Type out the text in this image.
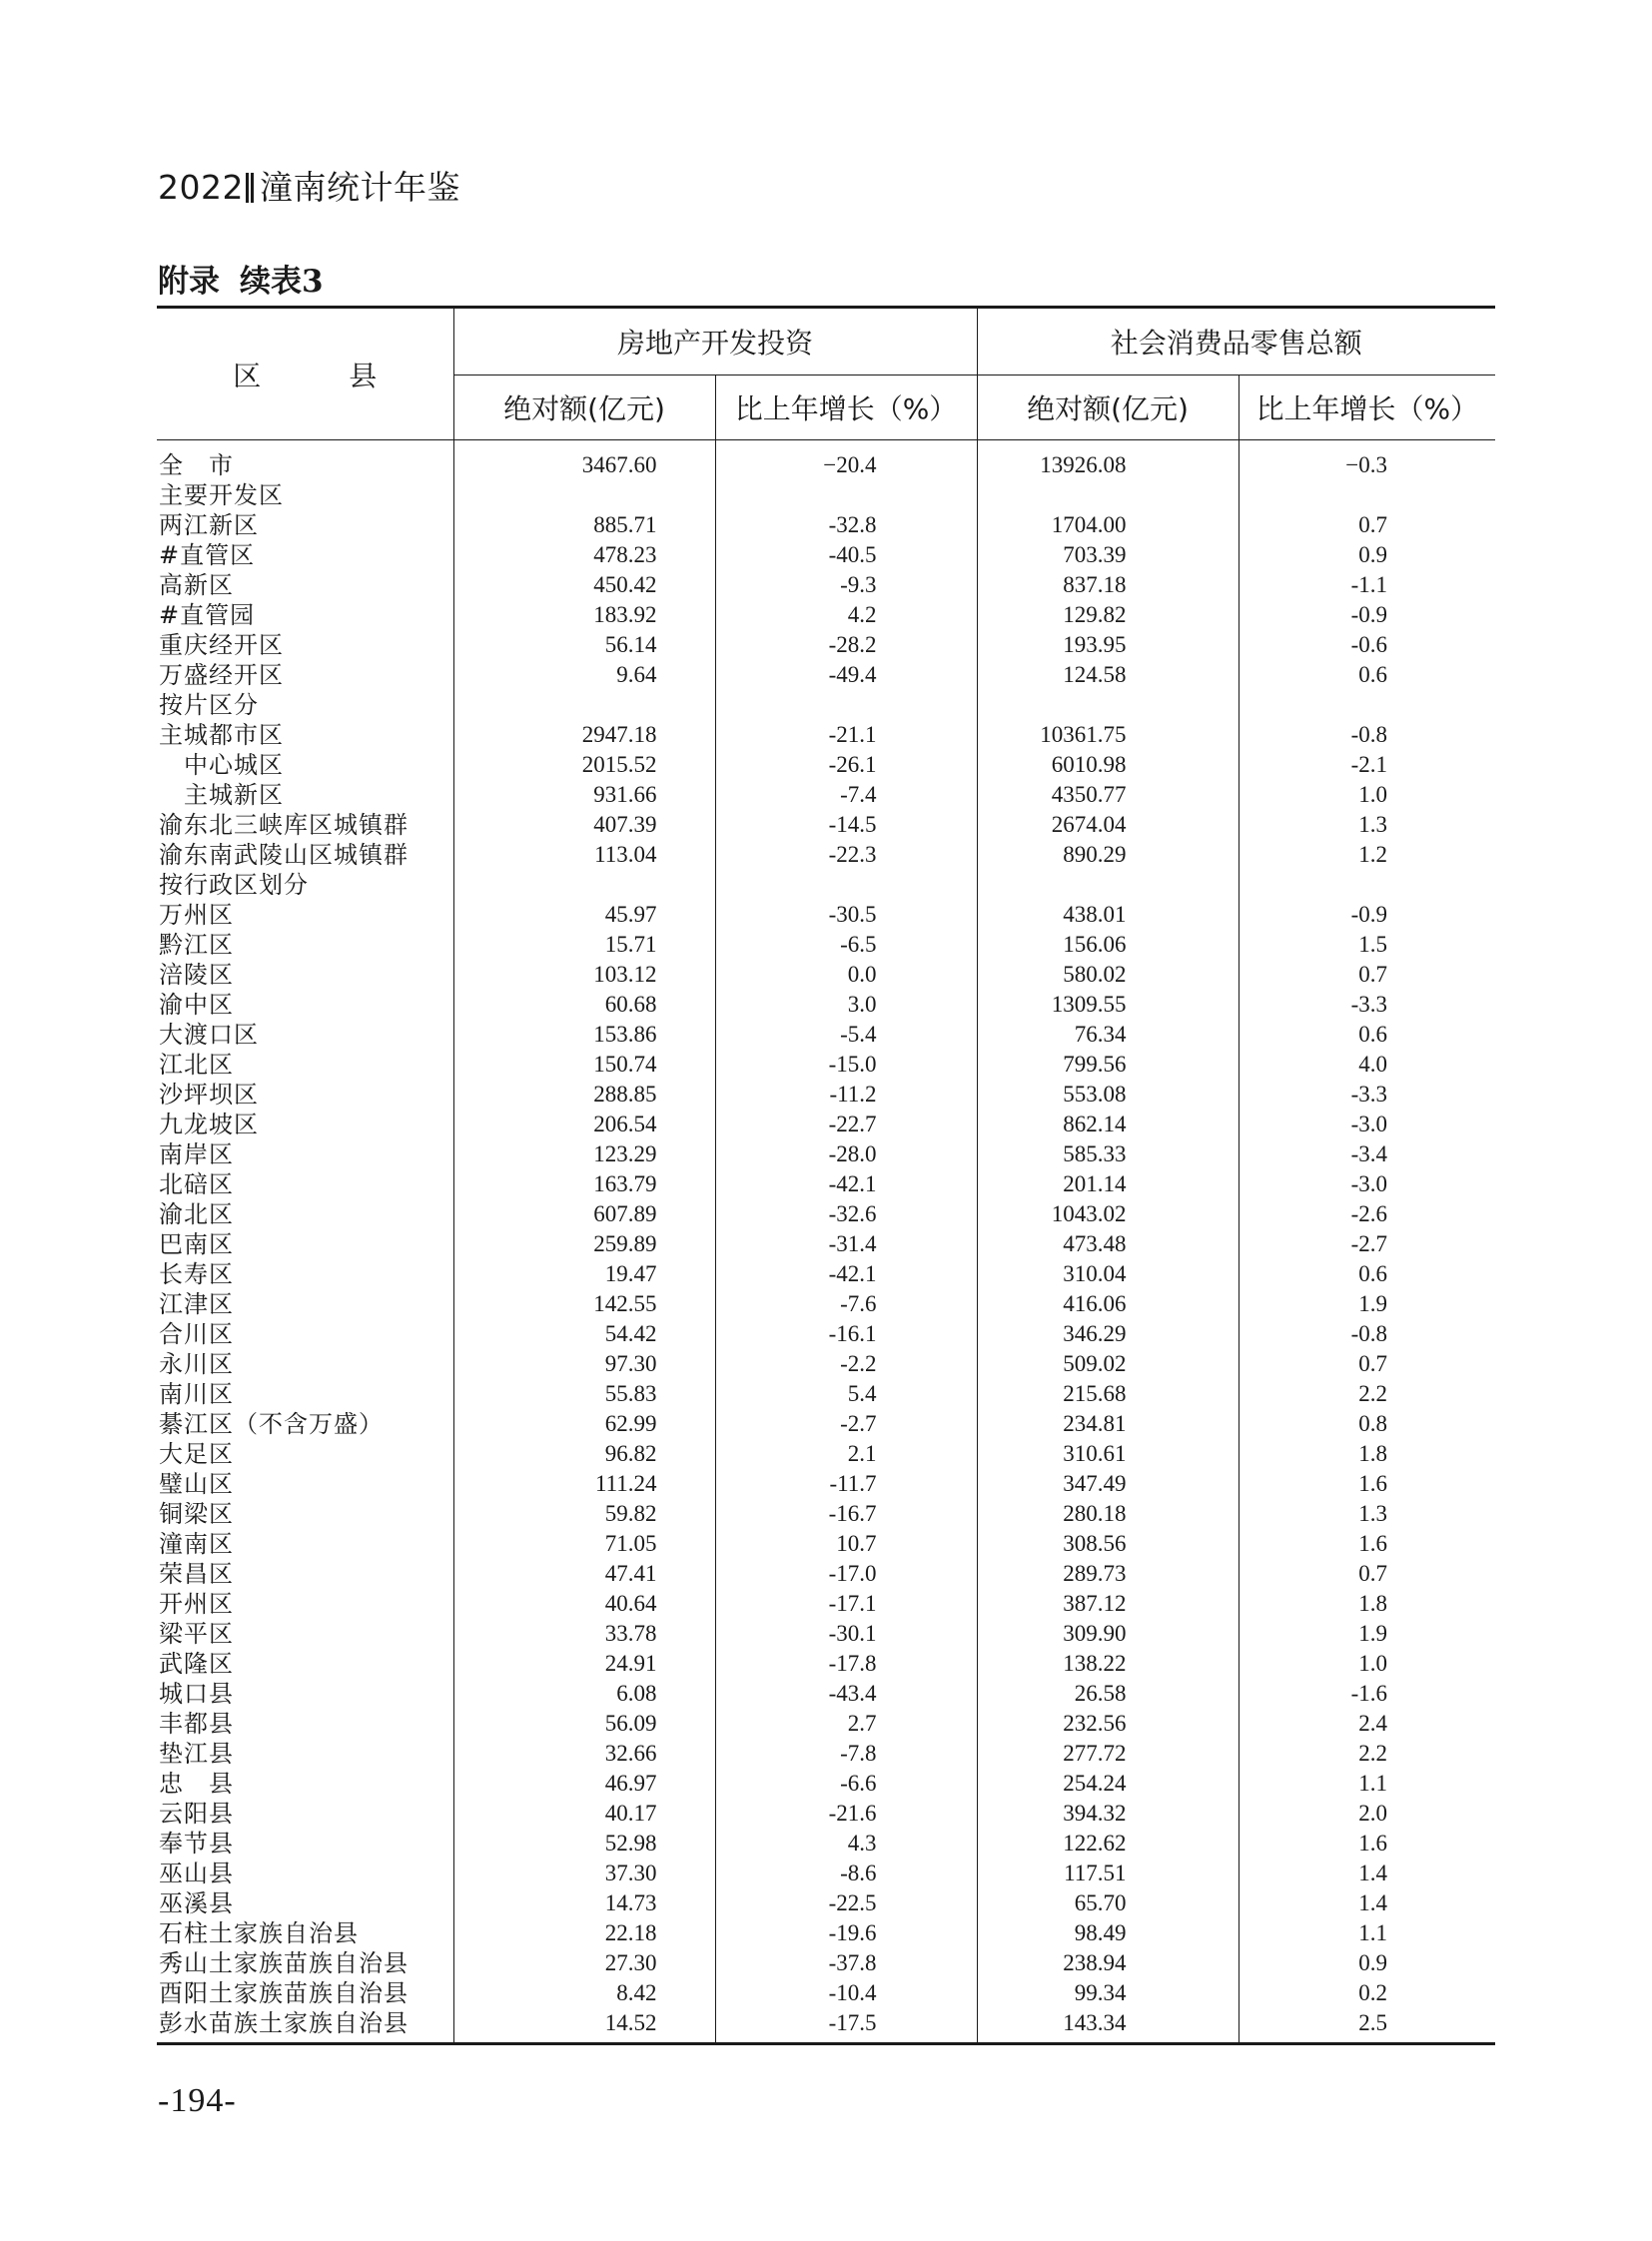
2022 潼南统计年鉴
附录 续表3
区　县	房地产开发投资		社会消费品零售总额	
	绝对额(亿元)	比上年增长（%）	绝对额(亿元)	比上年增长（%）
全　市	3467.60	−20.4	13926.08	−0.3
主要开发区				
两江新区	885.71	-32.8	1704.00	0.7
#直管区	478.23	-40.5	703.39	0.9
高新区	450.42	-9.3	837.18	-1.1
#直管园	183.92	4.2	129.82	-0.9
重庆经开区	56.14	-28.2	193.95	-0.6
万盛经开区	9.64	-49.4	124.58	0.6
按片区分				
主城都市区	2947.18	-21.1	10361.75	-0.8
　中心城区	2015.52	-26.1	6010.98	-2.1
　主城新区	931.66	-7.4	4350.77	1.0
渝东北三峡库区城镇群	407.39	-14.5	2674.04	1.3
渝东南武陵山区城镇群	113.04	-22.3	890.29	1.2
按行政区划分				
万州区	45.97	-30.5	438.01	-0.9
黔江区	15.71	-6.5	156.06	1.5
涪陵区	103.12	0.0	580.02	0.7
渝中区	60.68	3.0	1309.55	-3.3
大渡口区	153.86	-5.4	76.34	0.6
江北区	150.74	-15.0	799.56	4.0
沙坪坝区	288.85	-11.2	553.08	-3.3
九龙坡区	206.54	-22.7	862.14	-3.0
南岸区	123.29	-28.0	585.33	-3.4
北碚区	163.79	-42.1	201.14	-3.0
渝北区	607.89	-32.6	1043.02	-2.6
巴南区	259.89	-31.4	473.48	-2.7
长寿区	19.47	-42.1	310.04	0.6
江津区	142.55	-7.6	416.06	1.9
合川区	54.42	-16.1	346.29	-0.8
永川区	97.30	-2.2	509.02	0.7
南川区	55.83	5.4	215.68	2.2
綦江区（不含万盛）	62.99	-2.7	234.81	0.8
大足区	96.82	2.1	310.61	1.8
璧山区	111.24	-11.7	347.49	1.6
铜梁区	59.82	-16.7	280.18	1.3
潼南区	71.05	10.7	308.56	1.6
荣昌区	47.41	-17.0	289.73	0.7
开州区	40.64	-17.1	387.12	1.8
梁平区	33.78	-30.1	309.90	1.9
武隆区	24.91	-17.8	138.22	1.0
城口县	6.08	-43.4	26.58	-1.6
丰都县	56.09	2.7	232.56	2.4
垫江县	32.66	-7.8	277.72	2.2
忠　县	46.97	-6.6	254.24	1.1
云阳县	40.17	-21.6	394.32	2.0
奉节县	52.98	4.3	122.62	1.6
巫山县	37.30	-8.6	117.51	1.4
巫溪县	14.73	-22.5	65.70	1.4
石柱土家族自治县	22.18	-19.6	98.49	1.1
秀山土家族苗族自治县	27.30	-37.8	238.94	0.9
酉阳土家族苗族自治县	8.42	-10.4	99.34	0.2
彭水苗族土家族自治县	14.52	-17.5	143.34	2.5
-194-
